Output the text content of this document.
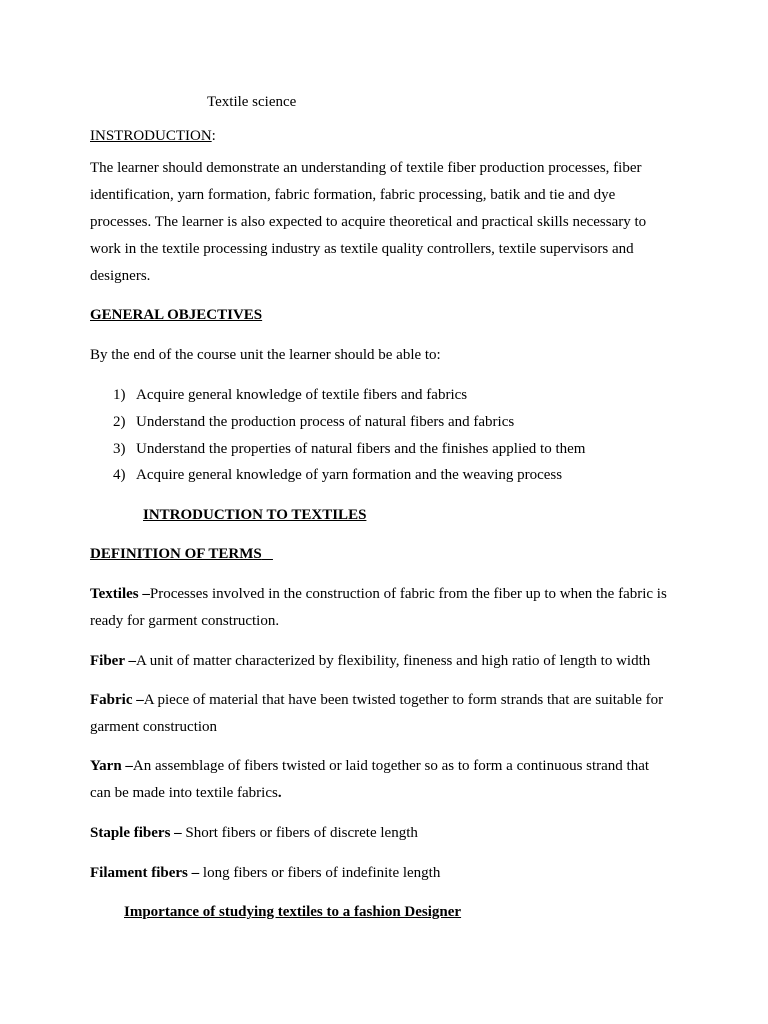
Textile science
INSTRODUCTION:
The learner should demonstrate an understanding of textile fiber production processes, fiber
identification, yarn formation, fabric formation, fabric processing, batik and tie and dye
processes. The learner is also expected to acquire theoretical and practical skills necessary to
work in the textile processing industry as textile quality controllers, textile supervisors and
designers.
GENERAL OBJECTIVES
By the end of the course unit the learner should be able to:
1) Acquire general knowledge of textile fibers and fabrics
2) Understand the production process of natural fibers and fabrics
3) Understand the properties of natural fibers and the finishes applied to them
4) Acquire general knowledge of yarn formation and the weaving process
INTRODUCTION TO TEXTILES
DEFINITION OF TERMS
Textiles –Processes involved in the construction of fabric from the fiber up to when the fabric is
ready for garment construction.
Fiber –A unit of matter characterized by flexibility, fineness and high ratio of length to width
Fabric –A piece of material that have been twisted together to form strands that are suitable for
garment construction
Yarn –An assemblage of fibers twisted or laid together so as to form a continuous strand that
can be made into textile fabrics.
Staple fibers – Short fibers or fibers of discrete length
Filament fibers – long fibers or fibers of indefinite length
Importance of studying textiles to a fashion Designer
